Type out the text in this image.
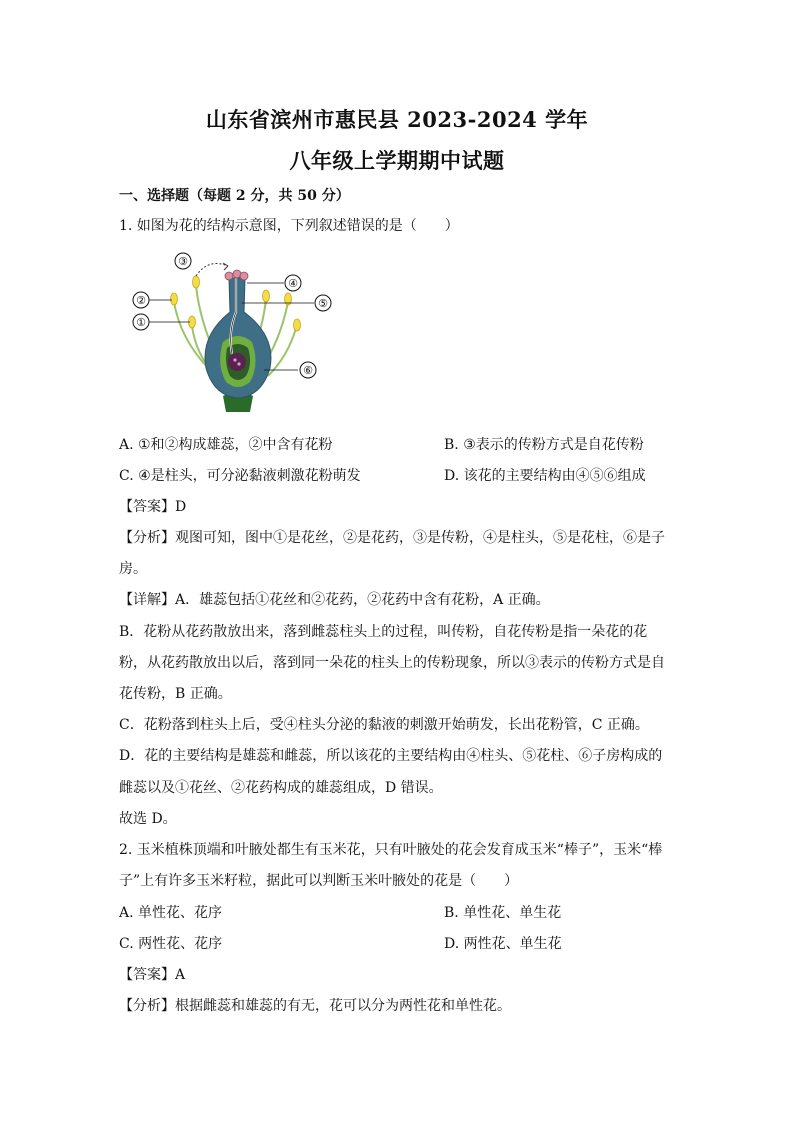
山东省滨州市惠民县 2023-2024 学年
八年级上学期期中试题
一、选择题（每题 2 分，共 50 分）
1. 如图为花的结构示意图，下列叙述错误的是（　　）
③
②
①
④
⑤
⑥
A. ①和②构成雄蕊，②中含有花粉	B. ③表示的传粉方式是自花传粉
C. ④是柱头，可分泌黏液刺激花粉萌发	D. 该花的主要结构由④⑤⑥组成
【答案】D
【分析】观图可知，图中①是花丝，②是花药，③是传粉，④是柱头，⑤是花柱，⑥是子
房。
【详解】A．雄蕊包括①花丝和②花药，②花药中含有花粉，A 正确。
B．花粉从花药散放出来，落到雌蕊柱头上的过程，叫传粉，自花传粉是指一朵花的花
粉，从花药散放出以后，落到同一朵花的柱头上的传粉现象，所以③表示的传粉方式是自
花传粉，B 正确。
C．花粉落到柱头上后，受④柱头分泌的黏液的刺激开始萌发，长出花粉管，C 正确。
D．花的主要结构是雄蕊和雌蕊，所以该花的主要结构由④柱头、⑤花柱、⑥子房构成的
雌蕊以及①花丝、②花药构成的雄蕊组成，D 错误。
故选 D。
2. 玉米植株顶端和叶腋处都生有玉米花，只有叶腋处的花会发育成玉米“棒子”，玉米“棒
子”上有许多玉米籽粒，据此可以判断玉米叶腋处的花是（　　）
A. 单性花、花序	B. 单性花、单生花
C. 两性花、花序	D. 两性花、单生花
【答案】A
【分析】根据雌蕊和雄蕊的有无，花可以分为两性花和单性花。
